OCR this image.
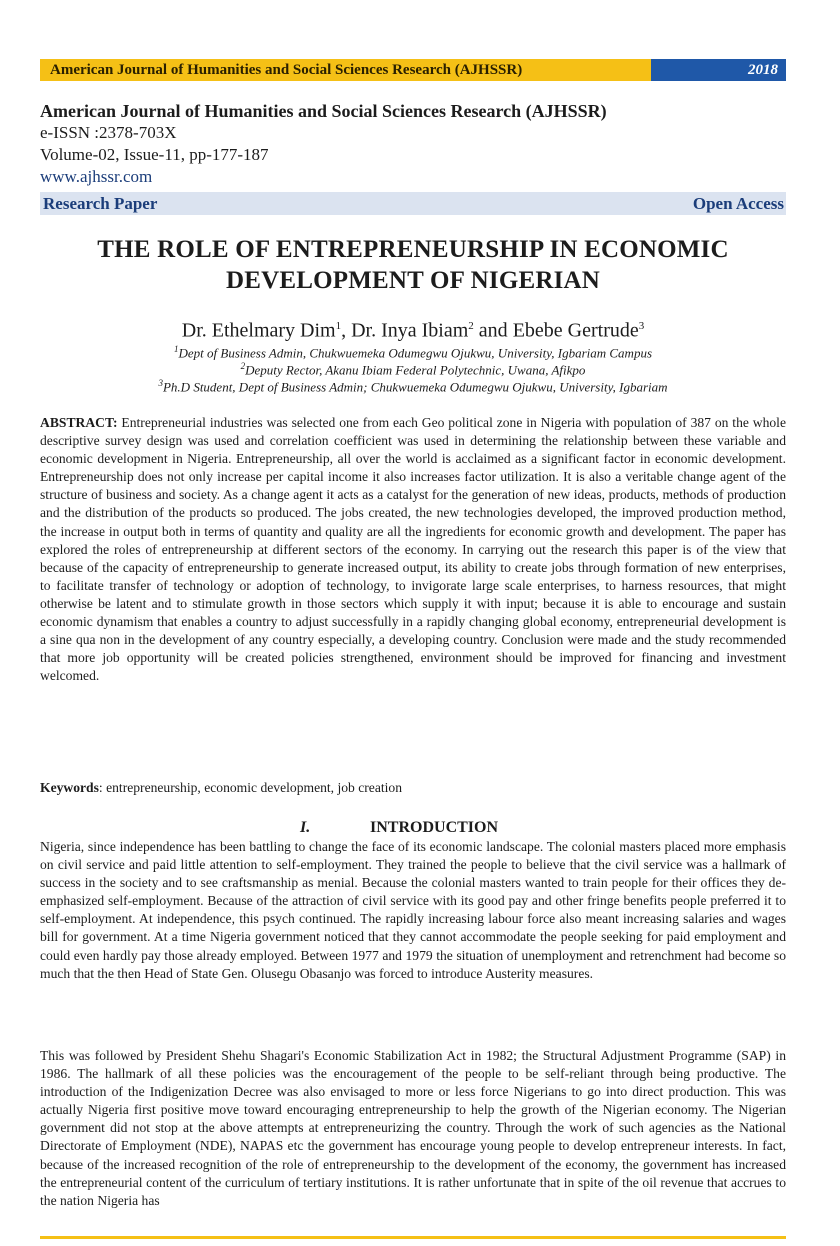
American Journal of Humanities and Social Sciences Research (AJHSSR)	2018
American Journal of Humanities and Social Sciences Research (AJHSSR)
e-ISSN :2378-703X
Volume-02, Issue-11, pp-177-187
www.ajhssr.com
Research Paper	Open Access
THE ROLE OF ENTREPRENEURSHIP IN ECONOMIC
DEVELOPMENT OF NIGERIAN
Dr. Ethelmary Dim$^1$, Dr. Inya Ibiam$^2$ and Ebebe Gertrude$^3$
$^1$Dept of Business Admin, Chukwuemeka Odumegwu Ojukwu, University, Igbariam Campus
$^2$Deputy Rector, Akanu Ibiam Federal Polytechnic, Uwana, Afikpo
$^3$Ph.D Student, Dept of Business Admin; Chukwuemeka Odumegwu Ojukwu, University, Igbariam
ABSTRACT: Entrepreneurial industries was selected one from each Geo political zone in Nigeria with population of 387 on the whole descriptive survey design was used and correlation coefficient was used in determining the relationship between these variable and economic development in Nigeria. Entrepreneurship, all over the world is acclaimed as a significant factor in economic development. Entrepreneurship does not only increase per capital income it also increases factor utilization. It is also a veritable change agent of the structure of business and society. As a change agent it acts as a catalyst for the generation of new ideas, products, methods of production and the distribution of the products so produced. The jobs created, the new technologies developed, the improved production method, the increase in output both in terms of quantity and quality are all the ingredients for economic growth and development. The paper has explored the roles of entrepreneurship at different sectors of the economy. In carrying out the research this paper is of the view that because of the capacity of entrepreneurship to generate increased output, its ability to create jobs through formation of new enterprises, to facilitate transfer of technology or adoption of technology, to invigorate large scale enterprises, to harness resources, that might otherwise be latent and to stimulate growth in those sectors which supply it with input; because it is able to encourage and sustain economic dynamism that enables a country to adjust successfully in a rapidly changing global economy, entrepreneurial development is a sine qua non in the development of any country especially, a developing country. Conclusion were made and the study recommended that more job opportunity will be created policies strengthened, environment should be improved for financing and investment welcomed.
Keywords: entrepreneurship, economic development, job creation
I.	INTRODUCTION
Nigeria, since independence has been battling to change the face of its economic landscape. The colonial masters placed more emphasis on civil service and paid little attention to self-employment. They trained the people to believe that the civil service was a hallmark of success in the society and to see craftsmanship as menial. Because the colonial masters wanted to train people for their offices they de-emphasized self-employment. Because of the attraction of civil service with its good pay and other fringe benefits people preferred it to self-employment. At independence, this psych continued. The rapidly increasing labour force also meant increasing salaries and wages bill for government. At a time Nigeria government noticed that they cannot accommodate the people seeking for paid employment and could even hardly pay those already employed. Between 1977 and 1979 the situation of unemployment and retrenchment had become so much that the then Head of State Gen. Olusegu Obasanjo was forced to introduce Austerity measures.
This was followed by President Shehu Shagari's Economic Stabilization Act in 1982; the Structural Adjustment Programme (SAP) in 1986. The hallmark of all these policies was the encouragement of the people to be self-reliant through being productive. The introduction of the Indigenization Decree was also envisaged to more or less force Nigerians to go into direct production. This was actually Nigeria first positive move toward encouraging entrepreneurship to help the growth of the Nigerian economy. The Nigerian government did not stop at the above attempts at entrepreneurizing the country. Through the work of such agencies as the National Directorate of Employment (NDE), NAPAS etc the government has encourage young people to develop entrepreneur interests. In fact, because of the increased recognition of the role of entrepreneurship to the development of the economy, the government has increased the entrepreneurial content of the curriculum of tertiary institutions. It is rather unfortunate that in spite of the oil revenue that accrues to the nation Nigeria has
